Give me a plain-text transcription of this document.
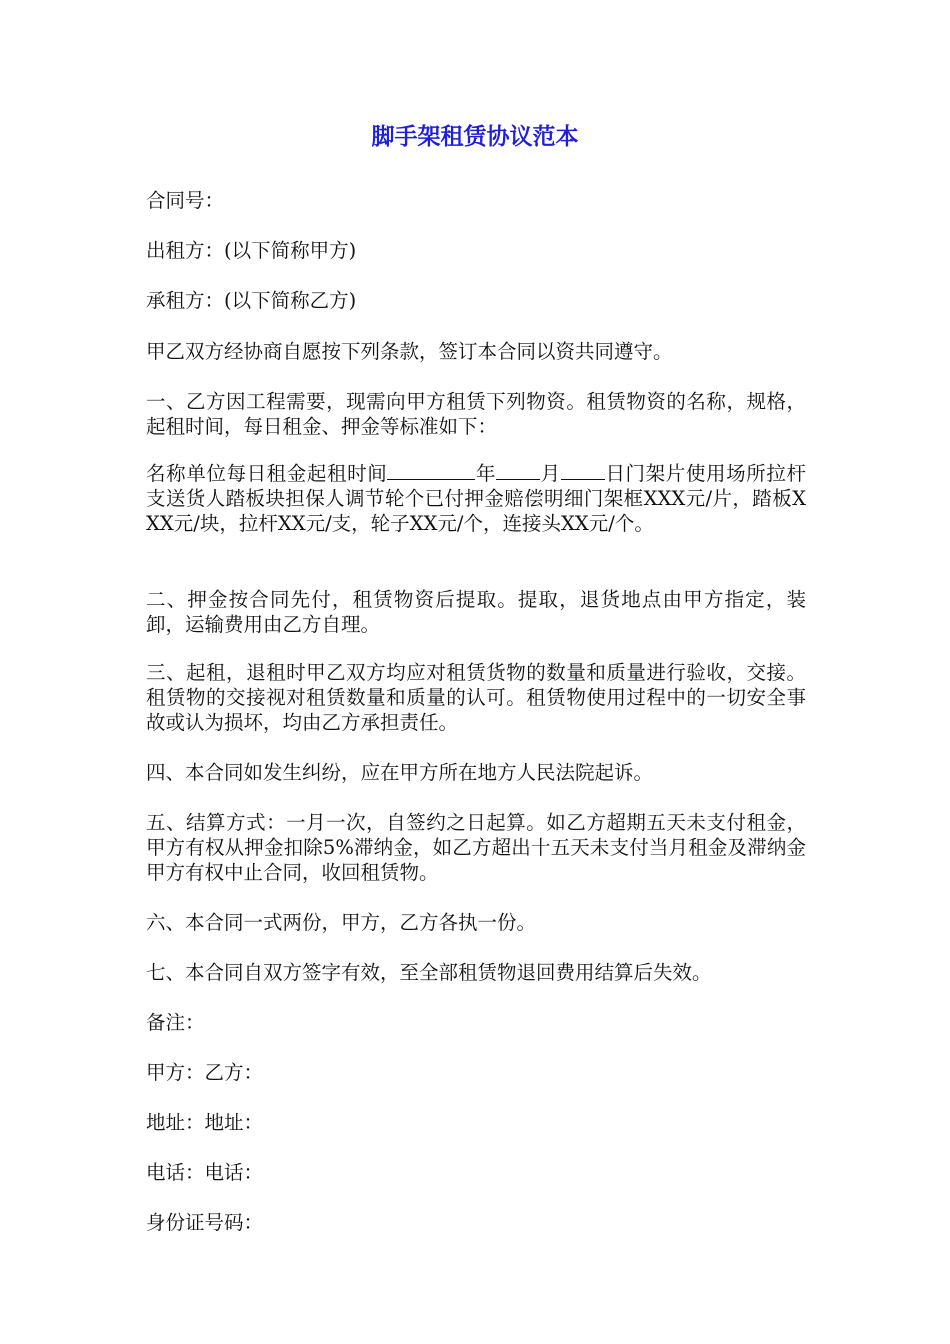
脚手架租赁协议范本

合同号：

出租方：(以下简称甲方)

承租方：(以下简称乙方)

甲乙双方经协商自愿按下列条款，签订本合同以资共同遵守。

一、乙方因工程需要，现需向甲方租赁下列物资。租赁物资的名称，规格，起租时间，每日租金、押金等标准如下：

名称单位每日租金起租时间	年 月 日门架片使用场所拉杆支送货人踏板块担保人调节轮个已付押金赔偿明细门架框XXX元/片，踏板XXX元/块，拉杆XX元/支，轮子XX元/个，连接头XX元/个。

二、押金按合同先付，租赁物资后提取。提取，退货地点由甲方指定，装卸，运输费用由乙方自理。

三、起租，退租时甲乙双方均应对租赁货物的数量和质量进行验收，交接。租赁物的交接视对租赁数量和质量的认可。租赁物使用过程中的一切安全事故或认为损坏，均由乙方承担责任。

四、本合同如发生纠纷，应在甲方所在地方人民法院起诉。

五、结算方式：一月一次，自签约之日起算。如乙方超期五天未支付租金，甲方有权从押金扣除5%滞纳金，如乙方超出十五天未支付当月租金及滞纳金甲方有权中止合同，收回租赁物。

六、本合同一式两份，甲方，乙方各执一份。

七、本合同自双方签字有效，至全部租赁物退回费用结算后失效。

备注：

甲方：乙方：

地址：地址：

电话：电话：

身份证号码：
